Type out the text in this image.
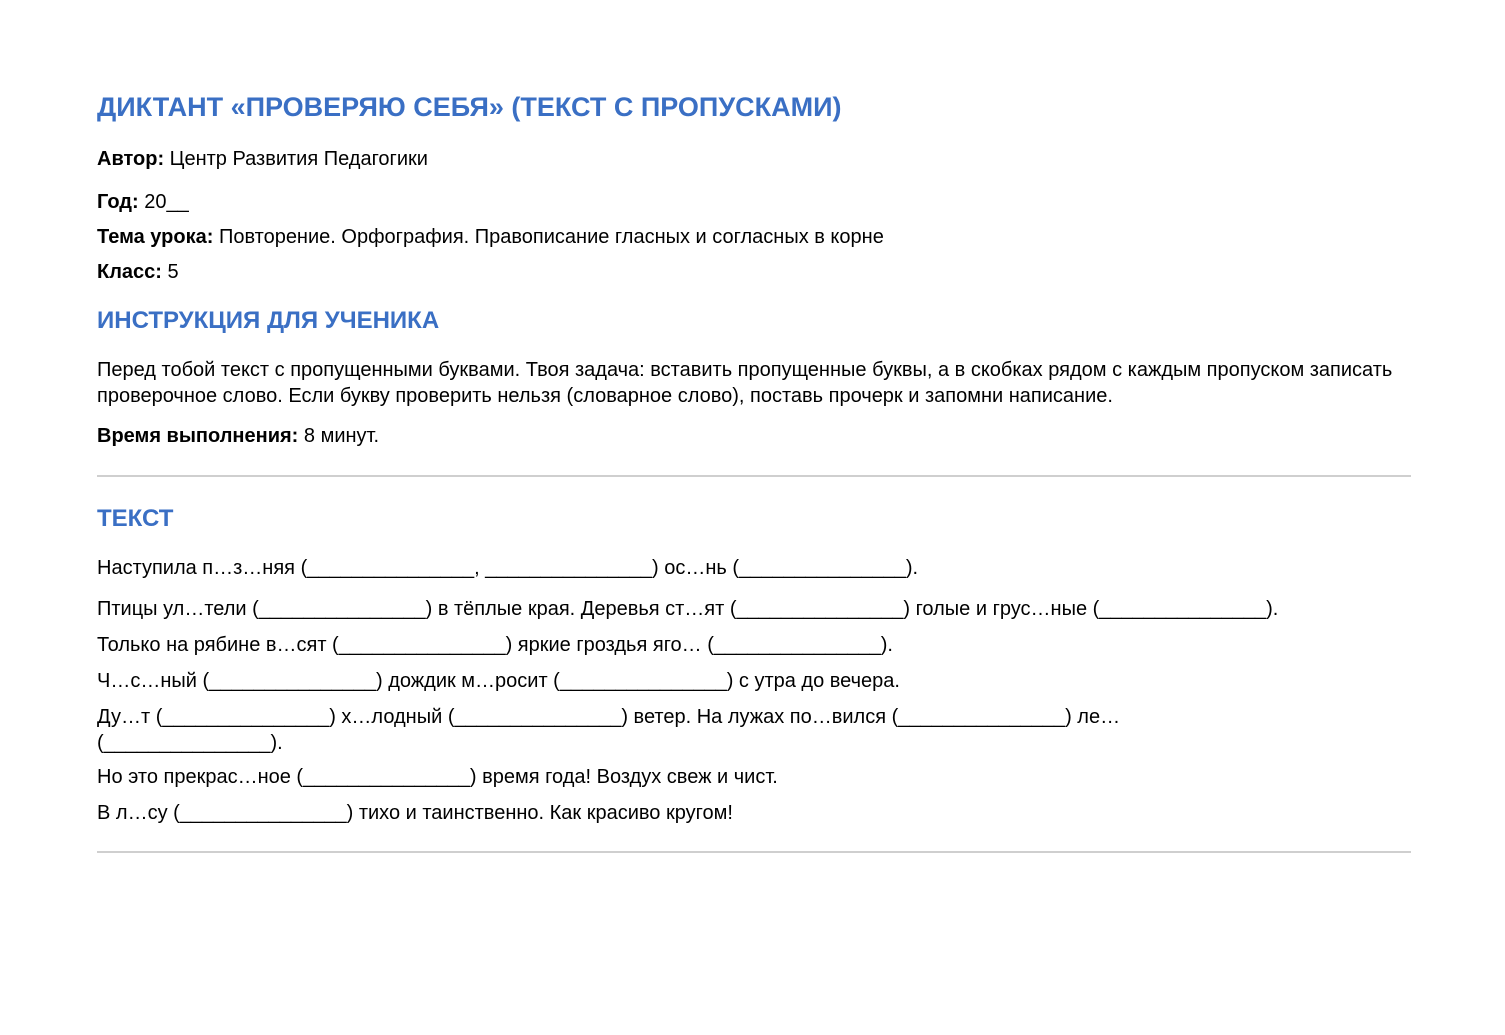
ДИКТАНТ «ПРОВЕРЯЮ СЕБЯ» (ТЕКСТ С ПРОПУСКАМИ)

Автор: Центр Развития Педагогики

Год: 20__

Тема урока: Повторение. Орфография. Правописание гласных и согласных в корне

Класс: 5

ИНСТРУКЦИЯ ДЛЯ УЧЕНИКА

Перед тобой текст с пропущенными буквами. Твоя задача: вставить пропущенные буквы, а в скобках рядом с каждым пропуском записать проверочное слово. Если букву проверить нельзя (словарное слово), поставь прочерк и запомни написание.

Время выполнения: 8 минут.

ТЕКСТ

Наступила п…з…няя (_______________, _______________) ос…нь (_______________).

Птицы ул…тели (_______________) в тёплые края. Деревья ст…ят (_______________) голые и грус…ные (_______________).

Только на рябине в…сят (_______________) яркие гроздья яго… (_______________).

Ч…с…ный (_______________) дождик м…росит (_______________) с утра до вечера.

Ду…т (_______________) х…лодный (_______________) ветер. На лужах по…вился (_______________) ле… (_______________).

Но это прекрас…ное (_______________) время года! Воздух свеж и чист.

В л…су (_______________) тихо и таинственно. Как красиво кругом!
